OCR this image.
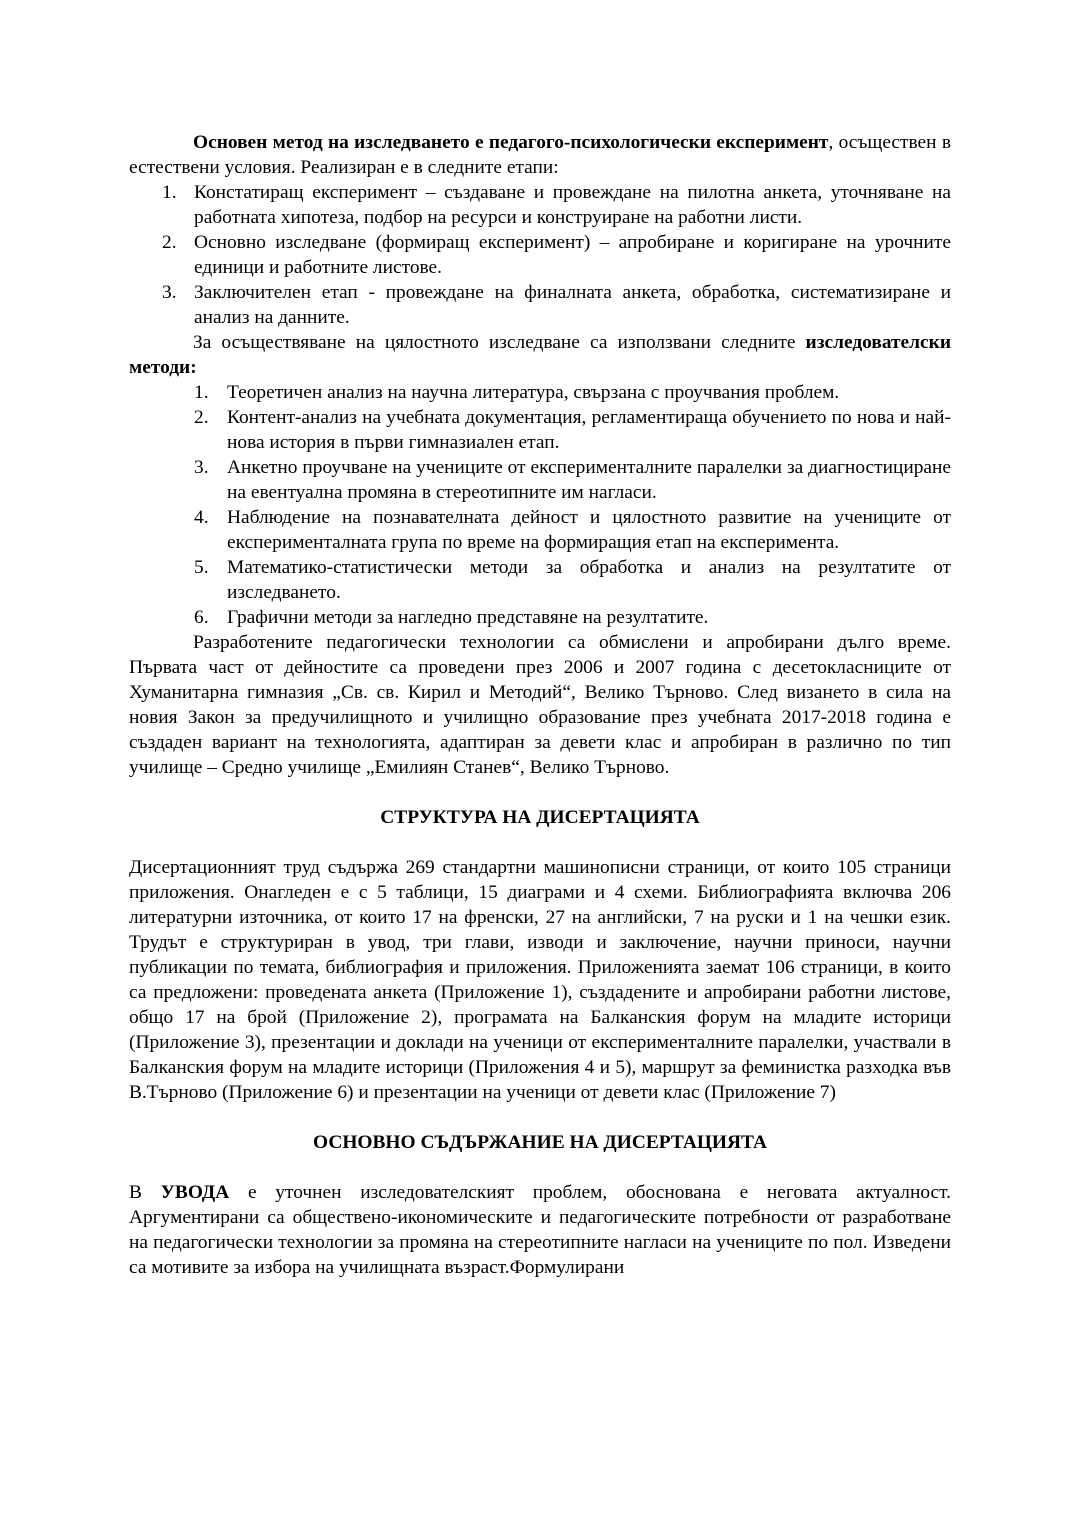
Основен метод на изследването е педагого-психологически експеримент, осъществен в естествени условия. Реализиран е в следните етапи:

1. Констатиращ експеримент – създаване и провеждане на пилотна анкета, уточняване на работната хипотеза, подбор на ресурси и конструиране на работни листи.
2. Основно изследване (формиращ експеримент) – апробиране и коригиране на урочните единици и работните листове.
3. Заключителен етап - провеждане на финалната анкета, обработка, систематизиране и анализ на данните.

За осъществяване на цялостното изследване са използвани следните изследователски методи:

1. Теоретичен анализ на научна литература, свързана с проучвания проблем.
2. Контент-анализ на учебната документация, регламентираща обучението по нова и най-нова история в първи гимназиален етап.
3. Анкетно проучване на учениците от експерименталните паралелки за диагностициране на евентуална промяна в стереотипните им нагласи.
4. Наблюдение на познавателната дейност и цялостното развитие на учениците от експерименталната група по време на формиращия етап на експеримента.
5. Математико-статистически методи за обработка и анализ на резултатите от изследването.
6. Графични методи за нагледно представяне на резултатите.

Разработените педагогически технологии са обмислени и апробирани дълго време. Първата част от дейностите са проведени през 2006 и 2007 година с десетокласниците от Хуманитарна гимназия „Св. св. Кирил и Методий“, Велико Търново. След визането в сила на новия Закон за предучилищното и училищно образование през учебната 2017-2018 година е създаден вариант на технологията, адаптиран за девети клас и апробиран в различно по тип училище – Средно училище „Емилиян Станев“, Велико Търново.

СТРУКТУРА НА ДИСЕРТАЦИЯТА

Дисертационният труд съдържа 269 стандартни машинописни страници, от които 105 страници приложения. Онагледен е с 5 таблици, 15 диаграми и 4 схеми. Библиографията включва 206 литературни източника, от които 17 на френски, 27 на английски, 7 на руски и 1 на чешки език. Трудът е структуриран в увод, три глави, изводи и заключение, научни приноси, научни публикации по темата, библиография и приложения. Приложенията заемат 106 страници, в които са предложени: проведената анкета (Приложение 1), създадените и апробирани работни листове, общо 17 на брой (Приложение 2), програмата на Балканския форум на младите историци (Приложение 3), презентации и доклади на ученици от експерименталните паралелки, участвали в Балканския форум на младите историци (Приложения 4 и 5), маршрут за феминистка разходка във В.Търново (Приложение 6) и презентации на ученици от девети клас (Приложение 7)

ОСНОВНО СЪДЪРЖАНИЕ НА ДИСЕРТАЦИЯТА

В УВОДА е уточнен изследователският проблем, обоснована е неговата актуалност. Аргументирани са обществено-икономическите и педагогическите потребности от разработване на педагогически технологии за промяна на стереотипните нагласи на учениците по пол. Изведени са мотивите за избора на училищната възраст.Формулирани
